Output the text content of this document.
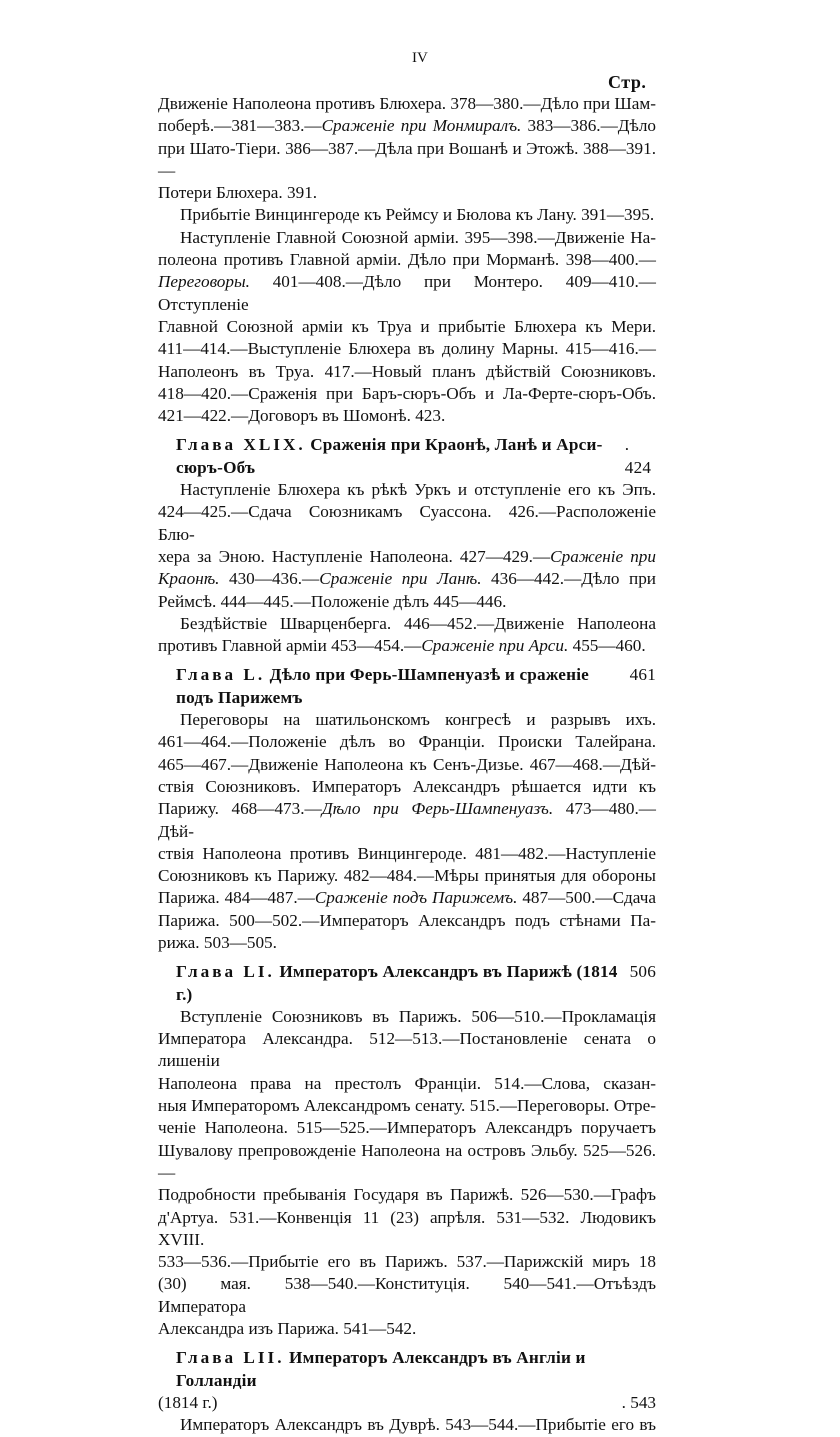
IV
Стр.

Движеніе Наполеона противъ Блюхера. 378—380.—Дѣло при Шам-

поберѣ.—381—383.—Сраженіе при Монмиралъ. 383—386.—Дѣло

при Шато-Тіери. 386—387.—Дѣла при Вошанѣ и Этожѣ. 388—391.—

Потери Блюхера. 391.

Прибытіе Винцингероде къ Реймсу и Бюлова къ Лану. 391—395.

Наступленіе Главной Союзной арміи. 395—398.—Движеніе На-

полеона противъ Главной арміи. Дѣло при Морманѣ. 398—400.—

Переговоры. 401—408.—Дѣло при Монтеро. 409—410.—Отступленіе

Главной Союзной арміи къ Труа и прибытіе Блюхера къ Мери.

411—414.—Выступленіе Блюхера въ долину Марны. 415—416.—

Наполеонъ въ Труа. 417.—Новый планъ дѣйствій Союзниковъ.

418—420.—Сраженія при Баръ-сюръ-Объ и Ла-Ферте-сюръ-Объ.

421—422.—Договоръ въ Шомонѣ. 423.

Глава XLIX. Сраженія при Краонѣ, Ланѣ и Арси-сюръ-Объ
. 424

Наступленіе Блюхера къ рѣкѣ Уркъ и отступленіе его къ Эпъ.

424—425.—Сдача Союзникамъ Суассона. 426.—Расположеніе Блю-

хера за Эною. Наступленіе Наполеона. 427—429.—Сраженіе при

Краонѣ. 430—436.—Сраженіе при Ланѣ. 436—442.—Дѣло при

Реймсѣ. 444—445.—Положеніе дѣлъ 445—446.

Бездѣйствіе Шварценберга. 446—452.—Движеніе Наполеона

противъ Главной арміи 453—454.—Сраженіе при Арси. 455—460.

Глава L. Дѣло при Ферь-Шампенуазѣ и сраженіе подъ Парижемъ
461

Переговоры на шатильонскомъ конгресѣ и разрывъ ихъ.

461—464.—Положеніе дѣлъ во Франціи. Происки Талейрана.

465—467.—Движеніе Наполеона къ Сенъ-Дизье. 467—468.—Дѣй-

ствія Союзниковъ. Императоръ Александръ рѣшается идти къ

Парижу. 468—473.—Дѣло при Ферь-Шампенуазъ. 473—480.—Дѣй-

ствія Наполеона противъ Винцингероде. 481—482.—Наступленіе

Союзниковъ къ Парижу. 482—484.—Мѣры принятыя для обороны

Парижа. 484—487.—Сраженіе подъ Парижемъ. 487—500.—Сдача

Парижа. 500—502.—Императоръ Александръ подъ стѣнами Па-

рижа. 503—505.

Глава LI. Императоръ Александръ въ Парижѣ (1814 г.)
506

Вступленіе Союзниковъ въ Парижъ. 506—510.—Прокламація

Императора Александра. 512—513.—Постановленіе сената о лишеніи

Наполеона права на престолъ Франціи. 514.—Слова, сказан-

ныя Императоромъ Александромъ сенату. 515.—Переговоры. Отре-

ченіе Наполеона. 515—525.—Императоръ Александръ поручаетъ

Шувалову препровожденіе Наполеона на островъ Эльбу. 525—526.—

Подробности пребыванія Государя въ Парижѣ. 526—530.—Графъ

д'Артуа. 531.—Конвенція 11 (23) апрѣля. 531—532. Людовикъ XVIII.

533—536.—Прибытіе его въ Парижъ. 537.—Парижскій миръ 18

(30) мая. 538—540.—Конституція. 540—541.—Отъѣздъ Императора

Александра изъ Парижа. 541—542.

Глава LII. Императоръ Александръ въ Англіи и Голландіи
(1814 г.)	. 543

Императоръ Александръ въ Дуврѣ. 543—544.—Прибытіе его въ
